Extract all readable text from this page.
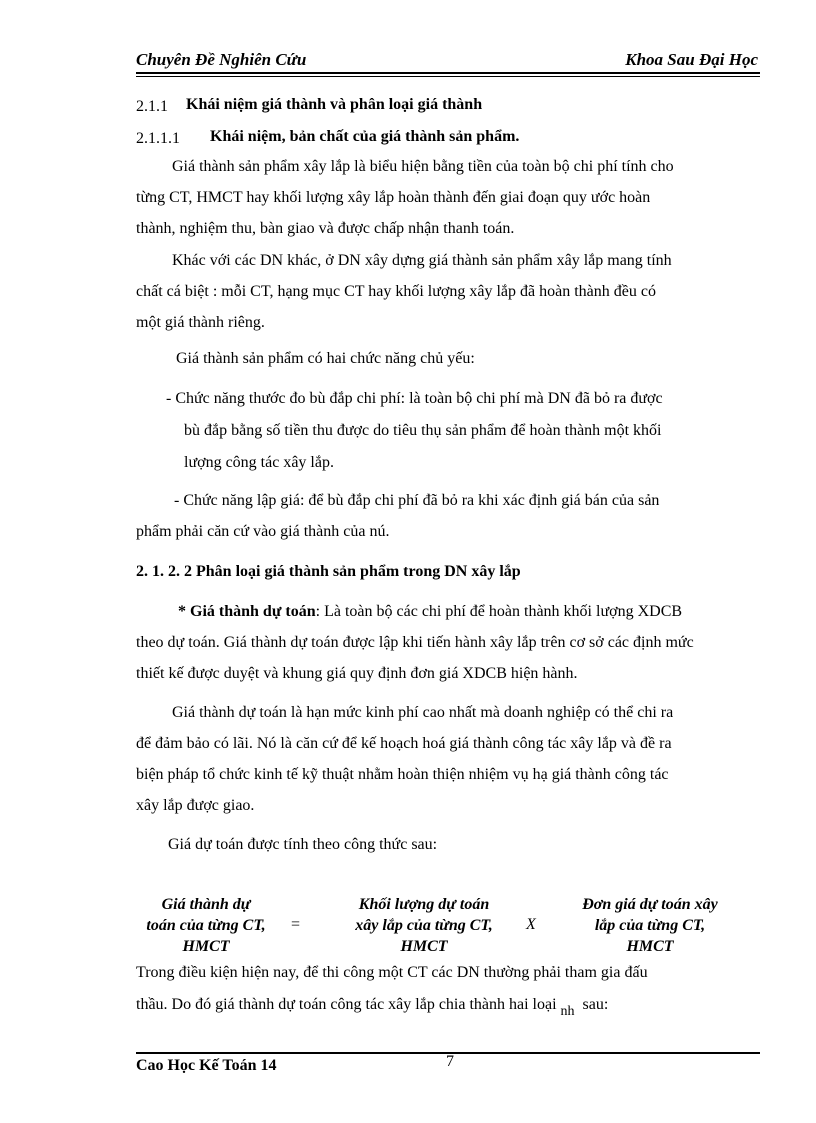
Chuyên Đề Nghiên Cứu	Khoa Sau Đại Học
2.1.1 Khái niệm giá thành và phân loại giá thành
2.1.1.1 Khái niệm, bản chất của giá thành sản phẩm.
Giá thành sản phẩm xây lắp là biểu hiện bằng tiền của toàn bộ chi phí tính cho
từng CT, HMCT hay khối lượng xây lắp hoàn thành đến giai đoạn quy ước hoàn
thành, nghiệm thu, bàn giao và được chấp nhận thanh toán.
Khác với các DN khác, ở DN xây dựng giá thành sản phẩm xây lắp mang tính
chất cá biệt : mỗi CT, hạng mục CT hay khối lượng xây lắp đã hoàn thành đều có
một giá thành riêng.
Giá thành sản phẩm có hai chức năng chủ yếu:
- Chức năng thước đo bù đắp chi phí: là toàn bộ chi phí mà DN đã bỏ ra được
bù đắp bằng số tiền thu được do tiêu thụ sản phẩm để hoàn thành một khối
lượng công tác xây lắp.
- Chức năng lập giá: để bù đắp chi phí đã bỏ ra khi xác định giá bán của sản
phẩm phải căn cứ vào giá thành của nú.
2. 1. 2. 2 Phân loại giá thành sản phẩm trong DN xây lắp
* Giá thành dự toán: Là toàn bộ các chi phí để hoàn thành khối lượng XDCB
theo dự toán. Giá thành dự toán được lập khi tiến hành xây lắp trên cơ sở các định mức
thiết kế được duyệt và khung giá quy định đơn giá XDCB hiện hành.
Giá thành dự toán là hạn mức kinh phí cao nhất mà doanh nghiệp có thể chi ra
để đảm bảo có lãi. Nó là căn cứ để kế hoạch hoá giá thành công tác xây lắp và đề ra
biện pháp tổ chức kinh tế kỹ thuật nhằm hoàn thiện nhiệm vụ hạ giá thành công tác
xây lắp được giao.
Giá dự toán được tính theo công thức sau:
Giá thành dự
toán của từng CT,
HMCT
=
Khối lượng dự toán
xây lắp của từng CT,
HMCT
X
Đơn giá dự toán xây
lắp của từng CT,
HMCT
Trong điều kiện hiện nay, để thi công một CT các DN thường phải tham gia đấu
thầu. Do đó giá thành dự toán công tác xây lắp chia thành hai loại nh sau:
Cao Học Kế Toán 14	7
